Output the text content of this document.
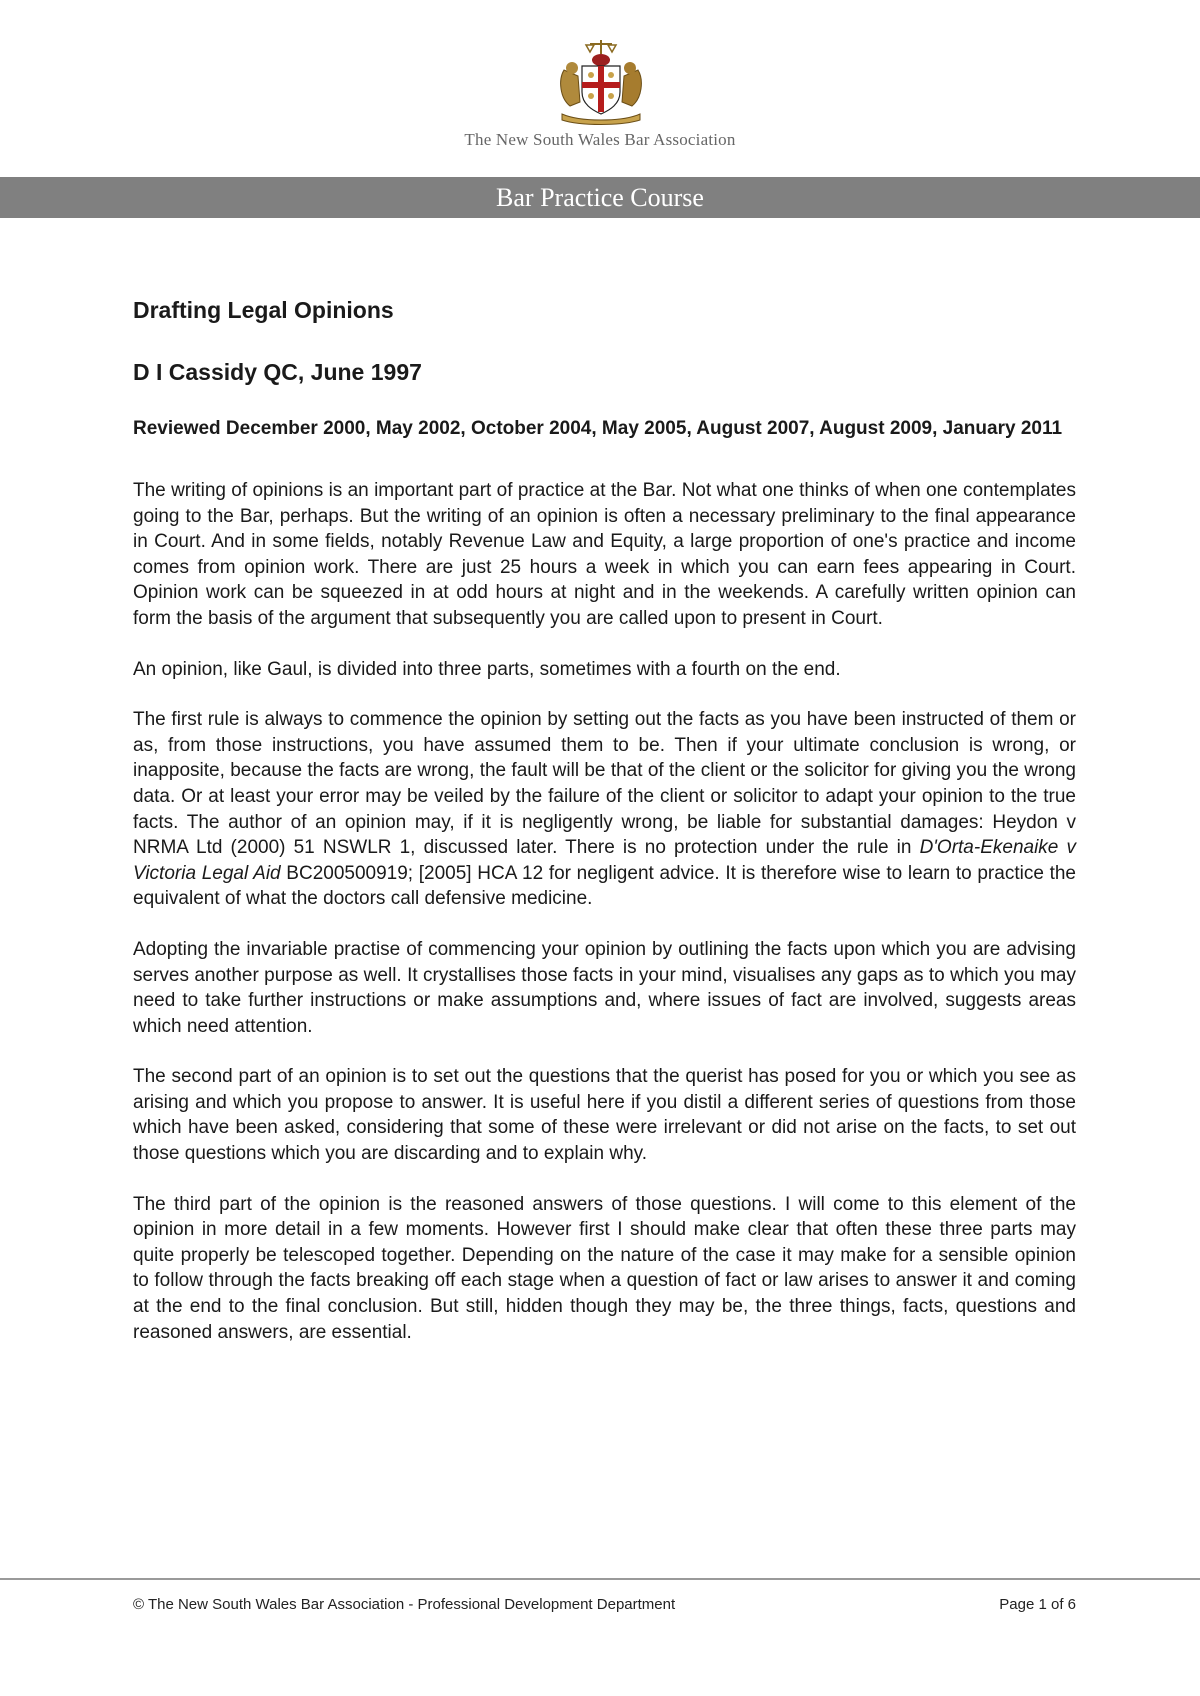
The New South Wales Bar Association
Bar Practice Course
Drafting Legal Opinions
D I Cassidy QC, June 1997
Reviewed December 2000, May 2002, October 2004, May 2005, August 2007, August 2009, January 2011

The writing of opinions is an important part of practice at the Bar. Not what one thinks of when one contemplates going to the Bar, perhaps. But the writing of an opinion is often a necessary preliminary to the final appearance in Court. And in some fields, notably Revenue Law and Equity, a large proportion of one's practice and income comes from opinion work. There are just 25 hours a week in which you can earn fees appearing in Court. Opinion work can be squeezed in at odd hours at night and in the weekends. A carefully written opinion can form the basis of the argument that subsequently you are called upon to present in Court.

An opinion, like Gaul, is divided into three parts, sometimes with a fourth on the end.

The first rule is always to commence the opinion by setting out the facts as you have been instructed of them or as, from those instructions, you have assumed them to be. Then if your ultimate conclusion is wrong, or inapposite, because the facts are wrong, the fault will be that of the client or the solicitor for giving you the wrong data. Or at least your error may be veiled by the failure of the client or solicitor to adapt your opinion to the true facts. The author of an opinion may, if it is negligently wrong, be liable for substantial damages: Heydon v NRMA Ltd (2000) 51 NSWLR 1, discussed later. There is no protection under the rule in D'Orta-Ekenaike v Victoria Legal Aid BC200500919; [2005] HCA 12 for negligent advice. It is therefore wise to learn to practice the equivalent of what the doctors call defensive medicine.

Adopting the invariable practise of commencing your opinion by outlining the facts upon which you are advising serves another purpose as well. It crystallises those facts in your mind, visualises any gaps as to which you may need to take further instructions or make assumptions and, where issues of fact are involved, suggests areas which need attention.

The second part of an opinion is to set out the questions that the querist has posed for you or which you see as arising and which you propose to answer. It is useful here if you distil a different series of questions from those which have been asked, considering that some of these were irrelevant or did not arise on the facts, to set out those questions which you are discarding and to explain why.

The third part of the opinion is the reasoned answers of those questions. I will come to this element of the opinion in more detail in a few moments. However first I should make clear that often these three parts may quite properly be telescoped together. Depending on the nature of the case it may make for a sensible opinion to follow through the facts breaking off each stage when a question of fact or law arises to answer it and coming at the end to the final conclusion. But still, hidden though they may be, the three things, facts, questions and reasoned answers, are essential.

© The New South Wales Bar Association - Professional Development Department	Page 1 of 6
